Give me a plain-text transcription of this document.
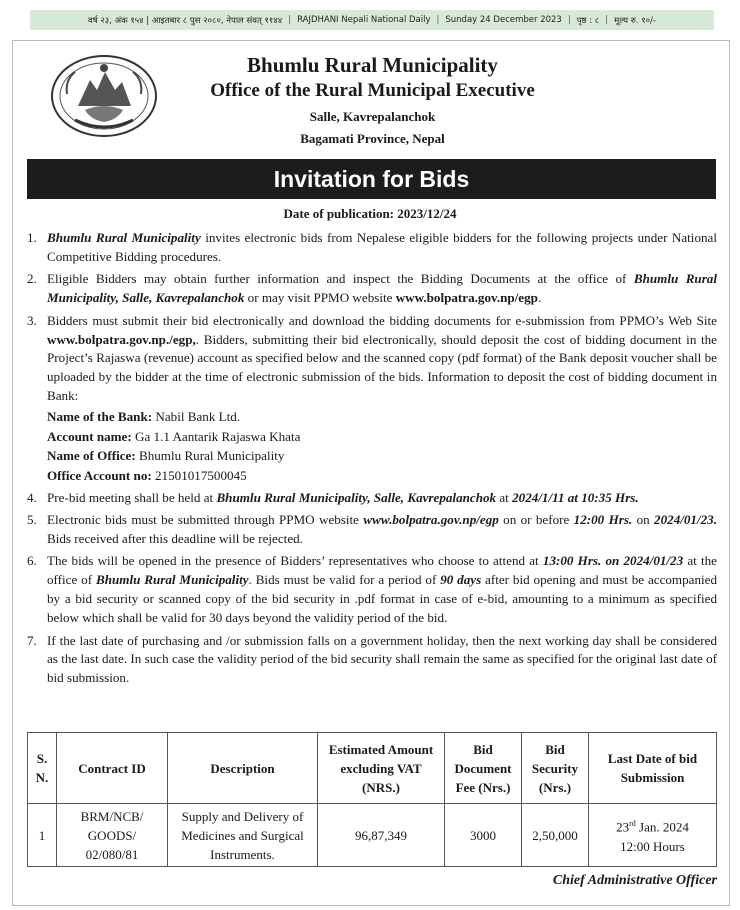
वर्ष २३, अंक १५४ | आइतबार ८ पुस २०८०, नेपाल संवत् ११४४ | RAJDHANI Nepali National Daily | Sunday 24 December 2023 | पृष्ठ : ८ | मूल्य रु. १०/-
Bhumlu Rural Municipality
Office of the Rural Municipal Executive
Salle, Kavrepalanchok
Bagamati Province, Nepal
Invitation for Bids
Date of publication: 2023/12/24
1. Bhumlu Rural Municipality invites electronic bids from Nepalese eligible bidders for the following projects under National Competitive Bidding procedures.
2. Eligible Bidders may obtain further information and inspect the Bidding Documents at the office of Bhumlu Rural Municipality, Salle, Kavrepalanchok or may visit PPMO website www.bolpatra.gov.np/egp.
3. Bidders must submit their bid electronically and download the bidding documents for e-submission from PPMO’s Web Site www.bolpatra.gov.np./egp,. Bidders, submitting their bid electronically, should deposit the cost of bidding document in the Project’s Rajaswa (revenue) account as specified below and the scanned copy (pdf format) of the Bank deposit voucher shall be uploaded by the bidder at the time of electronic submission of the bids. Information to deposit the cost of bidding document in Bank:
Name of the Bank: Nabil Bank Ltd.
Account name: Ga 1.1 Aantarik Rajaswa Khata
Name of Office: Bhumlu Rural Municipality
Office Account no: 21501017500045
4. Pre-bid meeting shall be held at Bhumlu Rural Municipality, Salle, Kavrepalanchok at 2024/1/11 at 10:35 Hrs.
5. Electronic bids must be submitted through PPMO website www.bolpatra.gov.np/egp on or before 12:00 Hrs. on 2024/01/23. Bids received after this deadline will be rejected.
6. The bids will be opened in the presence of Bidders’ representatives who choose to attend at 13:00 Hrs. on 2024/01/23 at the office of Bhumlu Rural Municipality. Bids must be valid for a period of 90 days after bid opening and must be accompanied by a bid security or scanned copy of the bid security in .pdf format in case of e-bid, amounting to a minimum as specified below which shall be valid for 30 days beyond the validity period of the bid.
7. If the last date of purchasing and /or submission falls on a government holiday, then the next working day shall be considered as the last date. In such case the validity period of the bid security shall remain the same as specified for the original last date of bid submission.
S. N.	Contract ID	Description	Estimated Amount excluding VAT (NRS.)	Bid Document Fee (Nrs.)	Bid Security (Nrs.)	Last Date of bid Submission
1	BRM/NCB/ GOODS/ 02/080/81	Supply and Delivery of Medicines and Surgical Instruments.	96,87,349	3000	2,50,000	23rd Jan. 2024
12:00 Hours
Chief Administrative Officer
